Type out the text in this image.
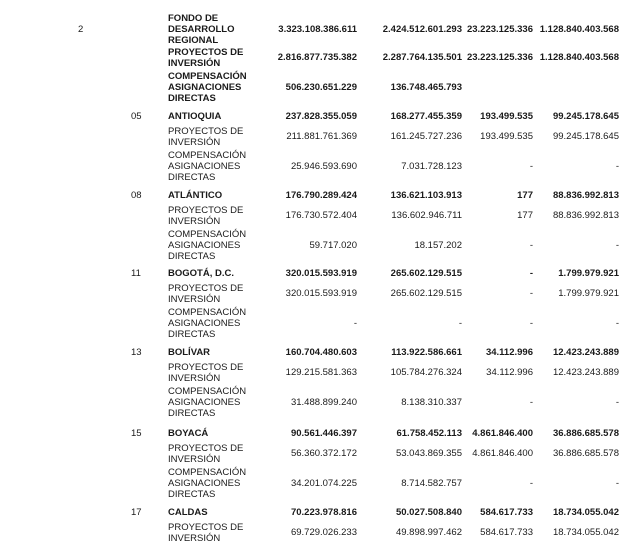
2
FONDO DE
DESARROLLO
REGIONAL
3.323.108.386.611	2.424.512.601.293 23.223.125.336 1.128.840.403.568
PROYECTOS DE
INVERSIÓN
2.816.877.735.382	2.287.764.135.501 23.223.125.336 1.128.840.403.568
COMPENSACIÓN
ASIGNACIONES
DIRECTAS
506.230.651.229	136.748.465.793
05	ANTIOQUIA	237.828.355.059	168.277.455.359	193.499.535	99.245.178.645
PROYECTOS DE
INVERSIÓN
211.881.761.369	161.245.727.236	193.499.535	99.245.178.645
COMPENSACIÓN
ASIGNACIONES
DIRECTAS
25.946.593.690	7.031.728.123	-	-
08	ATLÁNTICO	176.790.289.424	136.621.103.913	177	88.836.992.813
PROYECTOS DE
INVERSIÓN
176.730.572.404	136.602.946.711	177	88.836.992.813
COMPENSACIÓN
ASIGNACIONES
DIRECTAS
59.717.020	18.157.202	-	-
11	BOGOTÁ, D.C.	320.015.593.919	265.602.129.515	-	1.799.979.921
PROYECTOS DE
INVERSIÓN
320.015.593.919	265.602.129.515	-	1.799.979.921
COMPENSACIÓN
ASIGNACIONES
DIRECTAS
-	-	-	-
13	BOLÍVAR	160.704.480.603	113.922.586.661	34.112.996	12.423.243.889
PROYECTOS DE
INVERSIÓN
129.215.581.363	105.784.276.324	34.112.996	12.423.243.889
COMPENSACIÓN
ASIGNACIONES
DIRECTAS
31.488.899.240	8.138.310.337	-	-
15	BOYACÁ	90.561.446.397	61.758.452.113	4.861.846.400	36.886.685.578
PROYECTOS DE
INVERSIÓN
56.360.372.172	53.043.869.355	4.861.846.400	36.886.685.578
COMPENSACIÓN
ASIGNACIONES
DIRECTAS
34.201.074.225	8.714.582.757	-	-
17	CALDAS	70.223.978.816	50.027.508.840	584.617.733	18.734.055.042
PROYECTOS DE
INVERSIÓN
69.729.026.233	49.898.997.462	584.617.733	18.734.055.042
